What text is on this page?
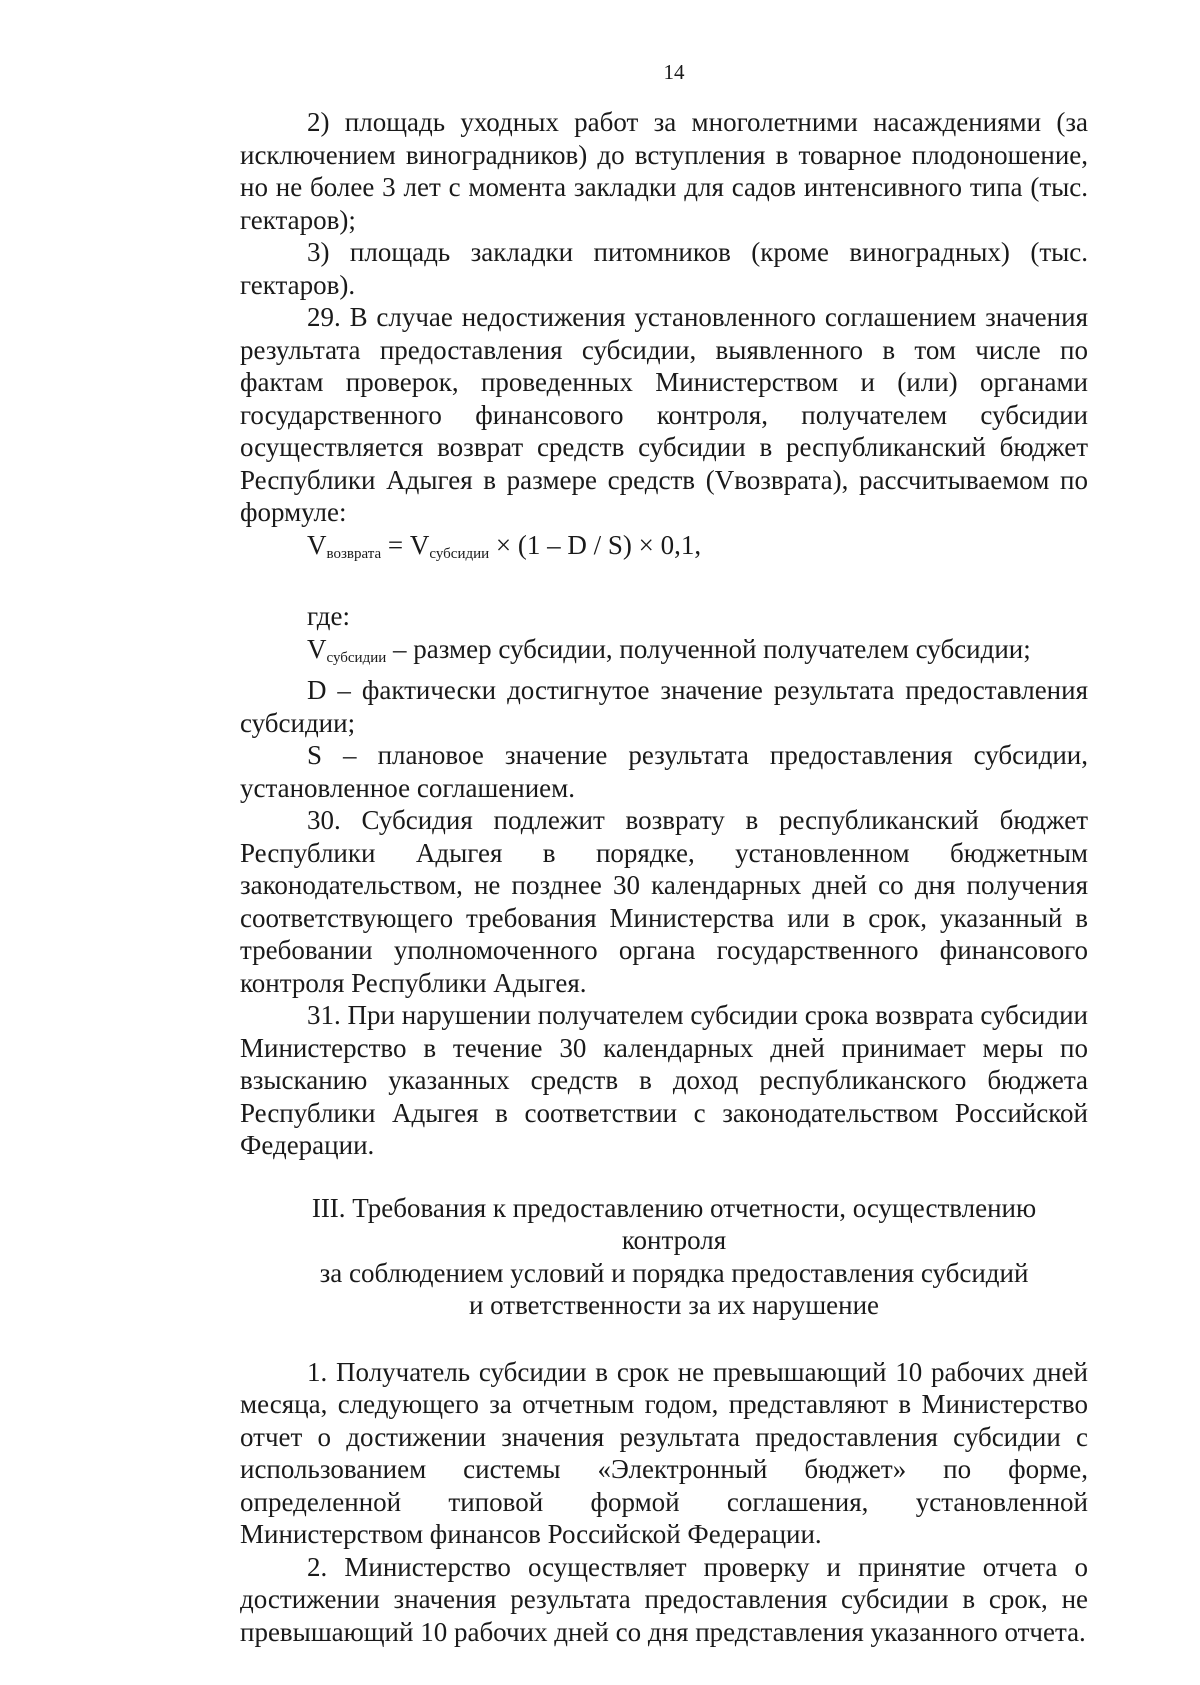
14

2) площадь уходных работ за многолетними насаждениями (за исключением виноградников) до вступления в товарное плодоношение, но не более 3 лет с момента закладки для садов интенсивного типа (тыс. гектаров);

3) площадь закладки питомников (кроме виноградных) (тыс. гектаров).

29. В случае недостижения установленного соглашением значения результата предоставления субсидии, выявленного в том числе по фактам проверок, проведенных Министерством и (или) органами государственного финансового контроля, получателем субсидии осуществляется возврат средств субсидии в республиканский бюджет Республики Адыгея в размере средств (Vвозврата), рассчитываемом по формуле:

$V_{возврата} = V_{субсидии} \times (1 - D / S) \times 0,1$,
где:

$V_{субсидии}$ – размер субсидии, полученной получателем субсидии;

D – фактически достигнутое значение результата предоставления субсидии;

S – плановое значение результата предоставления субсидии, установленное соглашением.

30. Субсидия подлежит возврату в республиканский бюджет Республики Адыгея в порядке, установленном бюджетным законодательством, не позднее 30 календарных дней со дня получения соответствующего требования Министерства или в срок, указанный в требовании уполномоченного органа государственного финансового контроля Республики Адыгея.

31. При нарушении получателем субсидии срока возврата субсидии Министерство в течение 30 календарных дней принимает меры по взысканию указанных средств в доход республиканского бюджета Республики Адыгея в соответствии с законодательством Российской Федерации.

III. Требования к предоставлению отчетности, осуществлению контроля
за соблюдением условий и порядка предоставления субсидий
и ответственности за их нарушение

1. Получатель субсидии в срок не превышающий 10 рабочих дней месяца, следующего за отчетным годом, представляют в Министерство отчет о достижении значения результата предоставления субсидии с использованием системы «Электронный бюджет» по форме, определенной типовой формой соглашения, установленной Министерством финансов Российской Федерации.

2. Министерство осуществляет проверку и принятие отчета о достижении значения результата предоставления субсидии в срок, не превышающий 10 рабочих дней со дня представления указанного отчета.
